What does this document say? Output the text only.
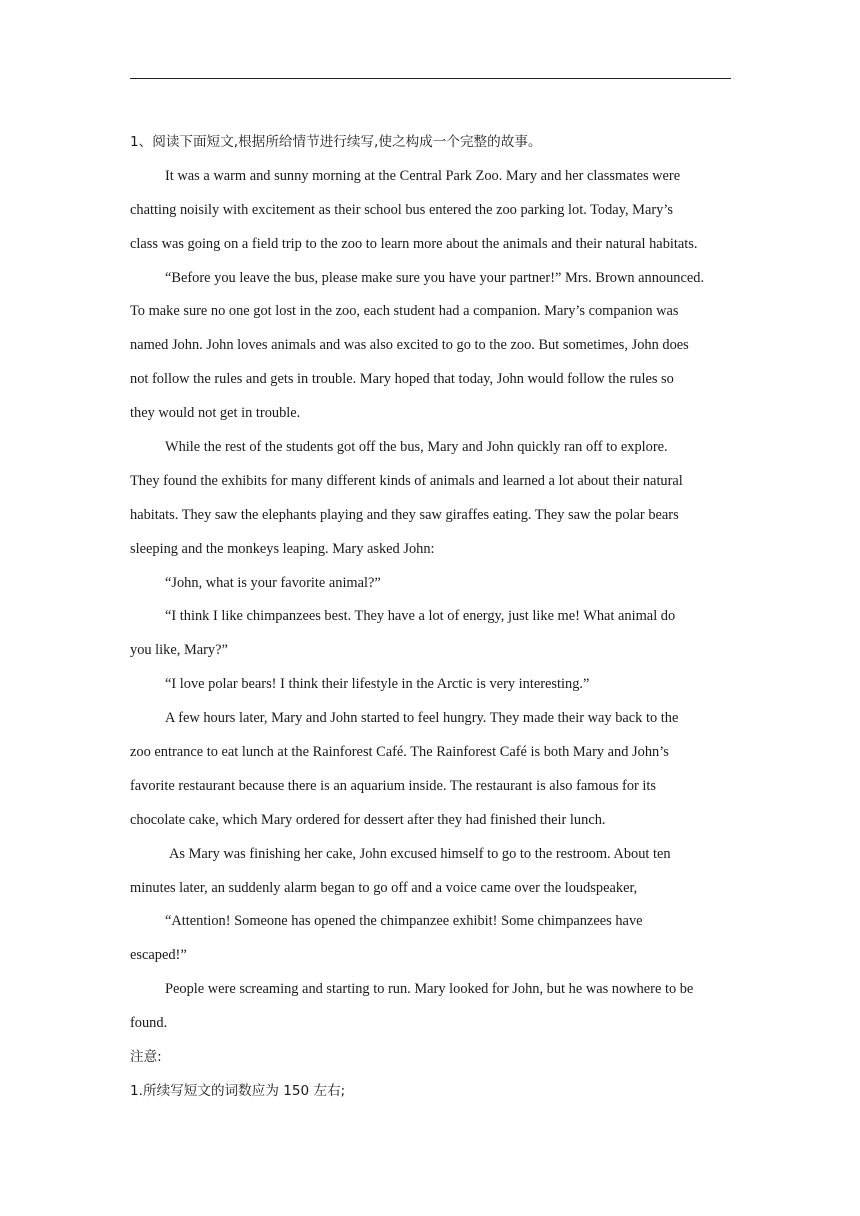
1、阅读下面短文,根据所给情节进行续写,使之构成一个完整的故事。
It was a warm and sunny morning at the Central Park Zoo. Mary and her classmates were
chatting noisily with excitement as their school bus entered the zoo parking lot. Today, Mary’s
class was going on a field trip to the zoo to learn more about the animals and their natural habitats.
“Before you leave the bus, please make sure you have your partner!” Mrs. Brown announced.
To make sure no one got lost in the zoo, each student had a companion. Mary’s companion was
named John. John loves animals and was also excited to go to the zoo. But sometimes, John does
not follow the rules and gets in trouble. Mary hoped that today, John would follow the rules so
they would not get in trouble.
While the rest of the students got off the bus, Mary and John quickly ran off to explore.
They found the exhibits for many different kinds of animals and learned a lot about their natural
habitats. They saw the elephants playing and they saw giraffes eating. They saw the polar bears
sleeping and the monkeys leaping. Mary asked John:
“John, what is your favorite animal?”
“I think I like chimpanzees best. They have a lot of energy, just like me! What animal do
you like, Mary?”
“I love polar bears! I think their lifestyle in the Arctic is very interesting.”
A few hours later, Mary and John started to feel hungry. They made their way back to the
zoo entrance to eat lunch at the Rainforest Café. The Rainforest Café is both Mary and John’s
favorite restaurant because there is an aquarium inside. The restaurant is also famous for its
chocolate cake, which Mary ordered for dessert after they had finished their lunch.
As Mary was finishing her cake, John excused himself to go to the restroom. About ten
minutes later, an suddenly alarm began to go off and a voice came over the loudspeaker,
“Attention! Someone has opened the chimpanzee exhibit! Some chimpanzees have
escaped!”
People were screaming and starting to run. Mary looked for John, but he was nowhere to be
found.
注意:
1.所续写短文的词数应为 150 左右;
